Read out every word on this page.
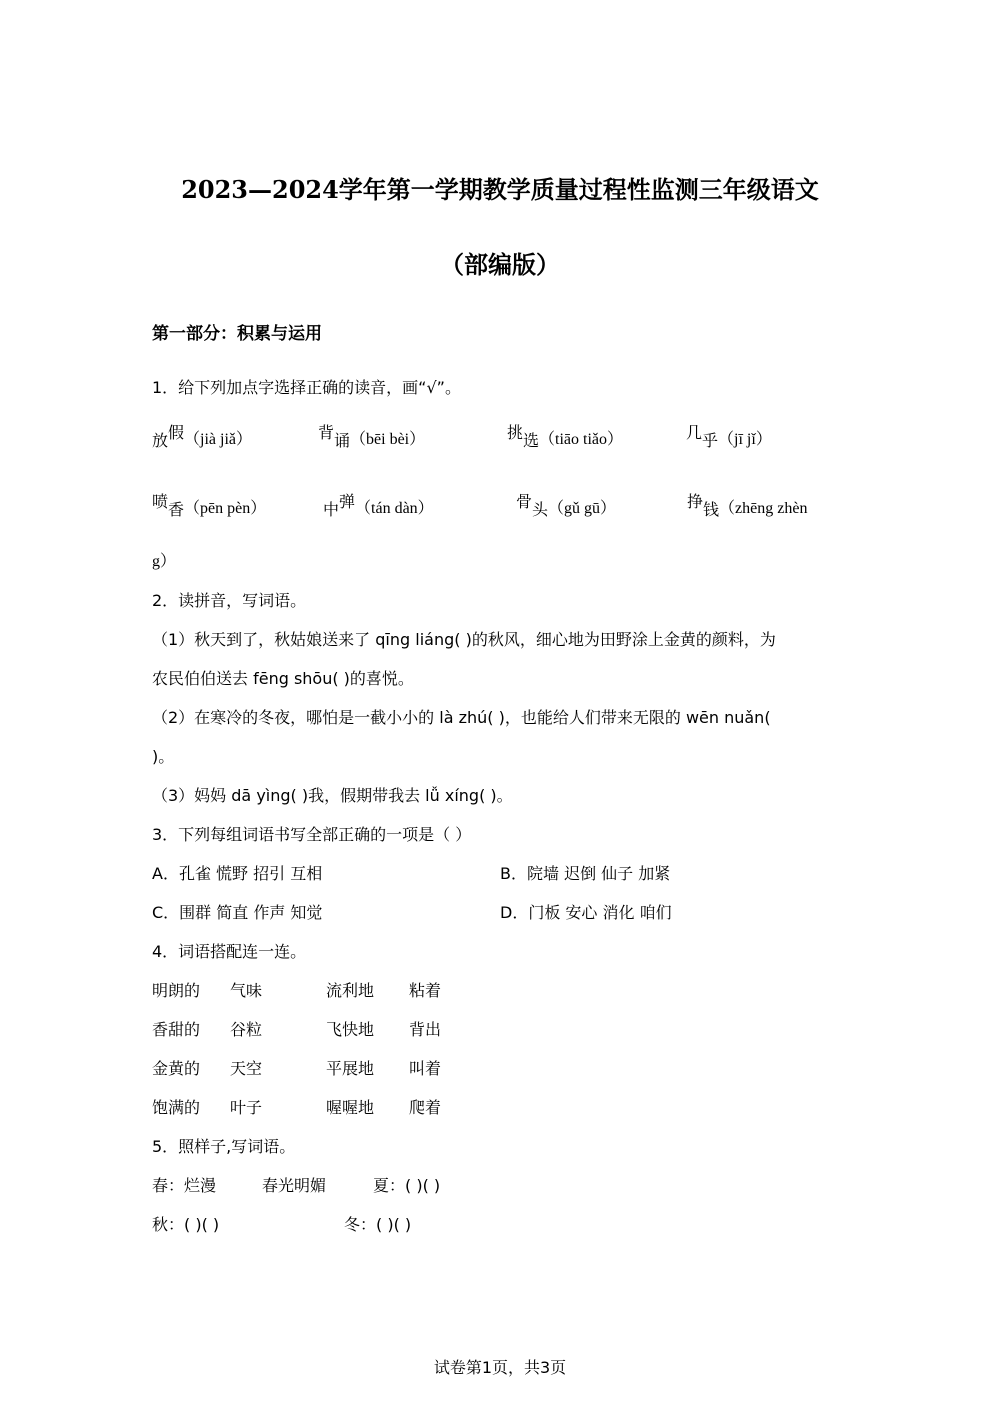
2023—2024学年第一学期教学质量过程性监测三年级语文
（部编版）
第一部分：积累与运用
1．给下列加点字选择正确的读音，画“√”。
放假（jià jiǎ）	背诵（bēi bèi）	挑选（tiāo tiǎo）	几乎（jī jǐ）
喷香（pēn pèn）	中弹（tán dàn）	骨头（gǔ gū）	挣钱（zhēng zhèn
g）
2．读拼音，写词语。
（1）秋天到了，秋姑娘送来了 qīng liáng( )的秋风，细心地为田野涂上金黄的颜料，为
农民伯伯送去 fēng shōu( )的喜悦。
（2）在寒冷的冬夜，哪怕是一截小小的 là zhú( )，也能给人们带来无限的 wēn nuǎn(
)。
（3）妈妈 dā yìng( )我，假期带我去 lǚ xíng( )。
3．下列每组词语书写全部正确的一项是（ ）
A．孔雀 慌野 招引 互相	B．院墙 迟倒 仙子 加紧
C．围群 简直 作声 知觉	D．门板 安心 消化 咱们
4．词语搭配连一连。
明朗的 气味	流利地 粘着
香甜的 谷粒	飞快地 背出
金黄的 天空	平展地 叫着
饱满的 叶子	喔喔地 爬着
5．照样子,写词语。
春：烂漫	春光明媚	夏：( )( )
秋：( )( )	冬：( )( )
试卷第1页，共3页
